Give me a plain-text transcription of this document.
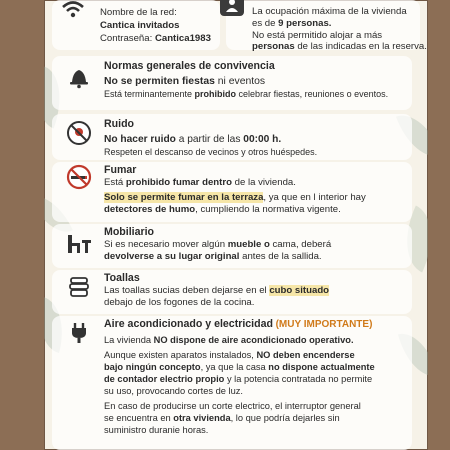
Nombre de la red:
Cantica invitados
Contraseña: Cantica1983
La ocupación máxima de la vivienda
es de 9 personas.
No está permitido alojar a más
personas de las indicadas en la reserva.
Normas generales de convivencia
No se permiten fiestas ni eventos
Está terminantemente prohibido celebrar fiestas, reuniones o eventos.
Ruido
No hacer ruido a partir de las 00:00 h.
Respeten el descanso de vecinos y otros huéspedes.
Fumar
Está prohibido fumar dentro de la vivienda.
Solo se permite fumar en la terraza, ya que en l interior hay
detectores de humo, cumpliendo la normativa vigente.
Mobiliario
Si es necesario mover algún mueble o cama, deberá
devolverse a su lugar original antes de la sallida.
Toallas
Las toallas sucias deben dejarse en el cubo situado
debajo de los fogones de la cocina.
Aire acondicionado y electricidad (MUY IMPORTANTE)
La vivienda NO dispone de aire acondicionado operativo.
Aunque existen aparatos instalados, NO deben encenderse
bajo ningún concepto, ya que la casa no dispone actualmente
de contador electrio propio y la potencia contratada no permite
su uso, provocando cortes de luz.
En caso de producirse un corte electrico, el interruptor general
se encuentra en otra vivienda, lo que podría dejarles sin
suministro duranie horas.
